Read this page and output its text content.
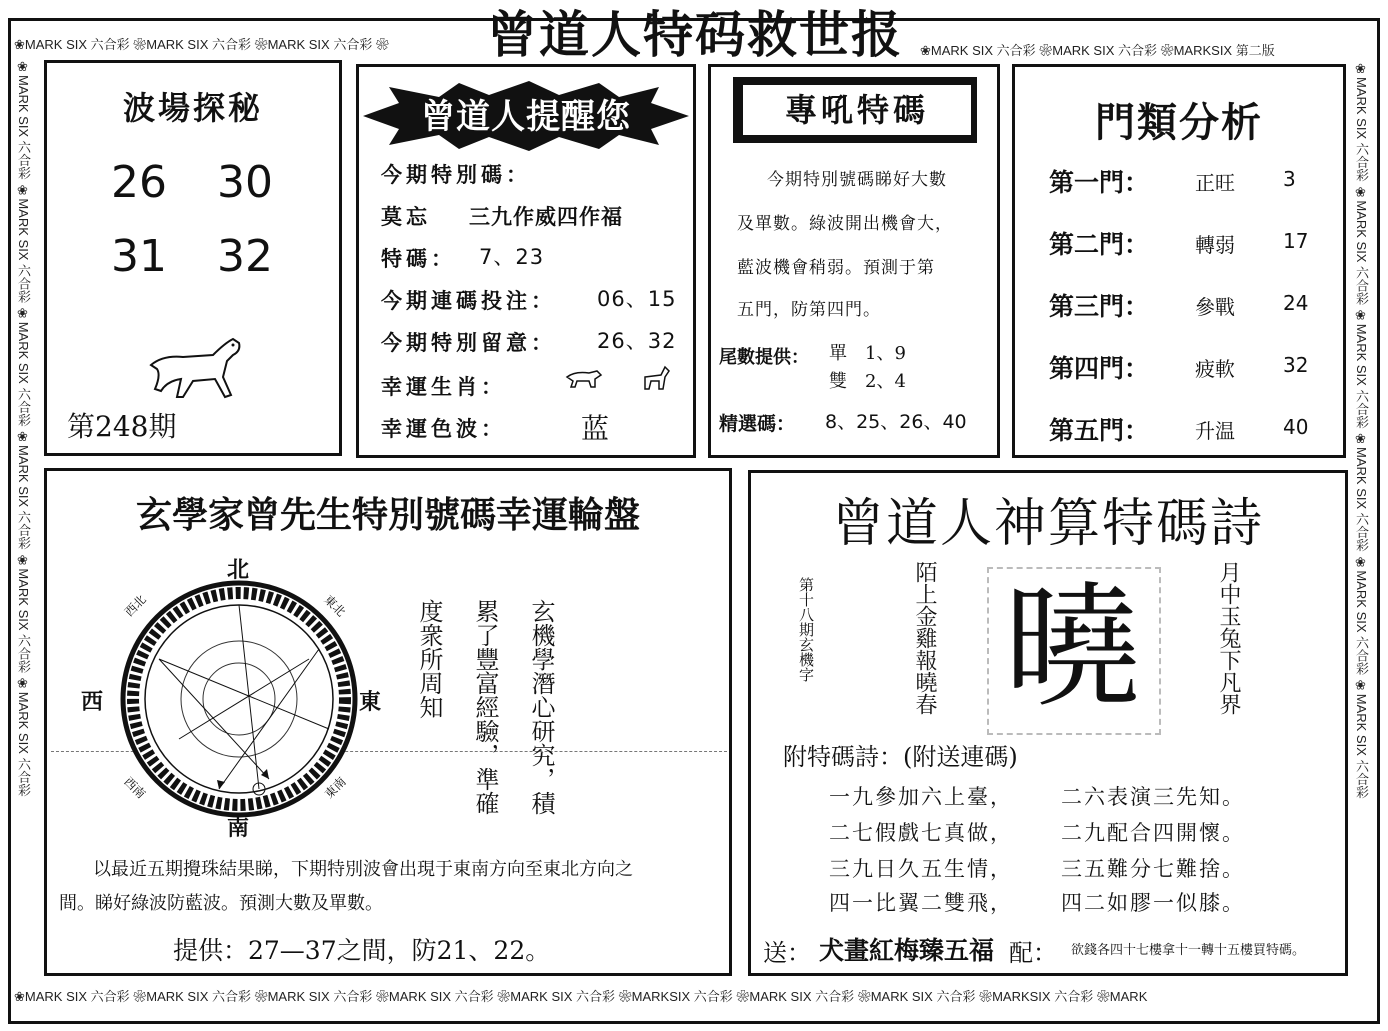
❀MARK SIX 六合彩 ❀MARK SIX 六合彩 ❀MARK SIX 六合彩 ❀	❀MARK SIX 六合彩 ❀MARK SIX 六合彩 ❀MARKSIX 第二版
❀MARK SIX 六合彩 ❀MARK SIX 六合彩 ❀MARK SIX 六合彩 ❀MARK SIX 六合彩 ❀MARK SIX 六合彩 ❀MARKSIX 六合彩 ❀MARK SIX 六合彩 ❀MARK SIX 六合彩 ❀MARKSIX 六合彩 ❀MARK
❀MARK SIX 六合彩 ❀MARK SIX 六合彩 ❀MARK SIX 六合彩 ❀MARK SIX 六合彩 ❀MARK SIX 六合彩 ❀MARK SIX 六合彩	❀MARK SIX 六合彩 ❀MARK SIX 六合彩 ❀MARK SIX 六合彩 ❀MARK SIX 六合彩 ❀MARK SIX 六合彩 ❀MARK SIX 六合彩
曾道人特码救世报
波場探秘
26 30
31 32
第248期
曾道人提醒您
今期特別碼：
莫忘 三九作威四作福
特碼： 7、23
今期連碼投注： 06、15
今期特別留意： 26、32
幸運生肖：
幸運色波：	蓝
專吼特碼
今期特別號碼睇好大數
及單數。綠波開出機會大，
藍波機會稍弱。預測于第
五門，防第四門。
尾數提供： 單　1、9
雙　2、4
精選碼： 8、25、26、40
門類分析
第一門： 正旺 3
第二門： 轉弱 17
第三門： 參戰 24
第四門： 疲軟 32
第五門： 升温 40
玄學家曾先生特別號碼幸運輪盤
北
南
西	東
西北	東北
西南	東南	玄機學潛心研究，積
累了豐富經驗，準確
度衆所周知
以最近五期攪珠結果睇，下期特別波會出現于東南方向至東北方向之
間。睇好綠波防藍波。預測大數及單數。
提供：27—37之間，防21、22。
曾道人神算特碼詩
第十八期玄機字	陌上金雞報曉春 曉	月中玉兔下凡界
附特碼詩：(附送連碼)
一九參加六上臺， 二六表演三先知。
二七假戲七真做， 二九配合四開懷。
三九日久五生情， 三五難分七難捨。
四一比翼二雙飛， 四二如膠一似膝。
送： 犬畫紅梅臻五福 配： 欲錢各四十七樓拿十一轉十五樓買特碼。
